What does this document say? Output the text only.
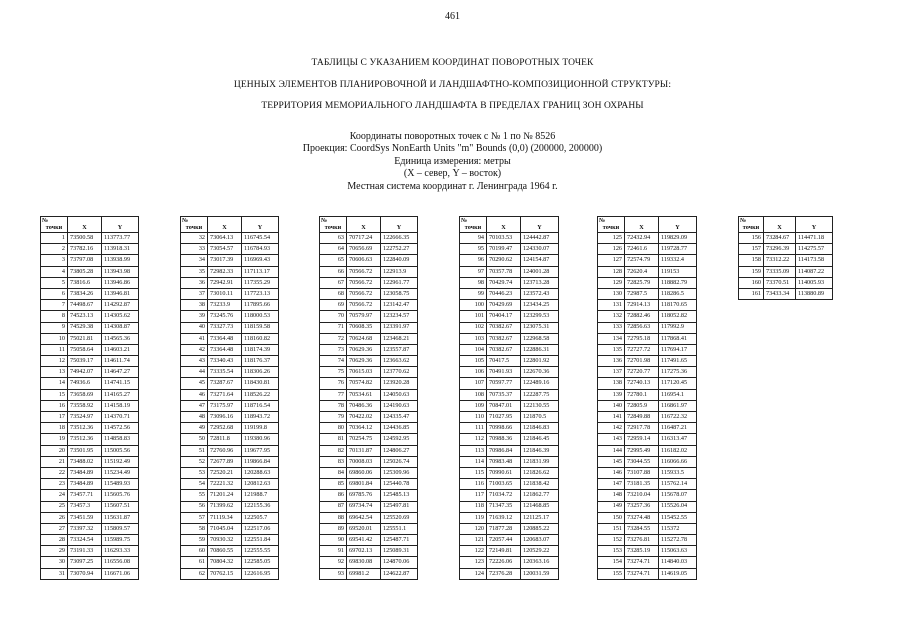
461
ТАБЛИЦЫ С УКАЗАНИЕМ КООРДИНАТ ПОВОРОТНЫХ ТОЧЕК
ЦЕННЫХ ЭЛЕМЕНТОВ ПЛАНИРОВОЧНОЙ И ЛАНДШАФТНО-КОМПОЗИЦИОННОЙ СТРУКТУРЫ:
ТЕРРИТОРИЯ МЕМОРИАЛЬНОГО ЛАНДШАФТА В ПРЕДЕЛАХ ГРАНИЦ ЗОН ОХРАНЫ
Координаты поворотных точек с № 1 по № 8526
Проекция: CoordSys NonEarth Units "m" Bounds (0,0) (200000, 200000)
Единица измерения: метры
(X – север, Y – восток)
Местная система координат г. Ленинграда 1964 г.
№		
точки	X	Y
1	73500.58	113773.77
2	73782.16	113918.31
3	73797.08	113938.99
4	73805.28	113943.98
5	73816.6	113946.86
6	73834.26	113946.81
7	74498.67	114292.87
8	74523.13	114305.62
9	74529.38	114308.87
10	75021.81	114565.36
11	75058.64	114603.21
12	75039.17	114611.74
13	74942.07	114647.27
14	74936.6	114741.15
15	73658.69	114165.27
16	73558.92	114158.19
17	73524.97	114370.71
18	73512.36	114572.56
19	73512.36	114858.83
20	73501.95	115005.56
21	73488.02	115192.49
22	73484.89	115234.49
23	73484.89	115489.93
24	73457.71	115605.76
25	73457.3	115607.51
26	73451.59	115631.87
27	73397.32	115809.57
28	73324.54	115989.75
29	73191.33	116293.33
30	73097.25	116556.08
31	73070.94	116671.06
№		
точки	X	Y
32	73064.13	116745.54
33	73054.57	116784.93
34	73017.39	116969.43
35	72982.33	117113.17
36	72942.91	117355.29
37	73010.11	117723.13
38	73233.9	117895.66
39	73245.76	118000.53
40	73327.73	118159.58
41	73364.48	118160.82
42	73364.48	118174.39
43	73340.43	118176.37
44	73335.54	118306.26
45	73287.67	118430.81
46	73271.64	118526.22
47	73175.97	118716.54
48	73096.16	118943.72
49	72952.68	119199.8
50	72811.8	119380.96
51	72760.96	119677.95
52	72677.89	119866.84
53	72520.21	120288.63
54	72221.32	120812.63
55	71201.24	121988.7
56	71399.62	122155.36
57	71119.34	122505.7
58	71045.04	122517.06
59	70930.32	122551.84
60	70860.55	122555.55
61	70804.32	122585.05
62	70762.15	122616.95
№		
точки	X	Y
63	70717.24	122666.35
64	70656.69	122752.27
65	70606.63	122840.09
66	70566.72	122913.9
67	70566.72	122961.77
68	70566.72	123058.75
69	70566.72	123142.47
70	70579.97	123234.57
71	70608.35	123391.97
72	70624.68	123468.21
73	70629.36	123557.87
74	70629.36	123663.62
75	70615.03	123770.62
76	70574.82	123920.28
77	70534.61	124050.63
78	70486.36	124190.63
79	70422.02	124335.47
80	70364.12	124436.85
81	70254.75	124592.95
82	70131.87	124806.27
83	70008.03	125026.74
84	69860.06	125309.96
85	69801.84	125440.78
86	69785.76	125485.13
87	69734.74	125497.81
88	69642.54	125520.69
89	69520.01	125551.1
90	69541.42	125487.71
91	69702.13	125089.31
92	69830.08	124870.06
93	69981.2	124622.87
№		
точки	X	Y
94	70103.53	124442.87
95	70199.47	124330.07
96	70290.62	124154.87
97	70357.78	124001.28
98	70429.74	123713.28
99	70446.23	123572.43
100	70429.69	123434.25
101	70404.17	123299.53
102	70382.67	123075.31
103	70382.67	122968.58
104	70382.67	122886.31
105	70417.5	122801.92
106	70491.93	122670.36
107	70597.77	122489.16
108	70735.37	122287.75
109	70847.01	122130.55
110	71027.95	121870.5
111	70998.66	121846.83
112	70988.36	121846.45
113	70986.84	121846.39
114	70983.48	121831.99
115	70990.61	121826.62
116	71003.65	121838.42
117	71034.72	121862.77
118	71347.35	121468.85
119	71639.12	121125.17
120	71877.28	120885.22
121	72057.44	120683.07
122	72149.81	120529.22
123	72226.06	120363.16
124	72376.28	120031.59
№		
точки	X	Y
125	72432.94	119829.09
126	72461.6	119728.77
127	72574.79	119332.4
128	72620.4	119153
129	72825.79	118882.79
130	72987.5	118286.5
131	72914.13	118170.65
132	72882.46	118052.82
133	72856.63	117992.9
134	72795.18	117868.41
135	72727.72	117694.17
136	72701.98	117491.65
137	72720.77	117275.36
138	72740.13	117120.45
139	72780.1	116954.1
140	72805.9	116861.97
141	72849.88	116722.32
142	72917.78	116487.21
143	72959.14	116313.47
144	72995.49	116182.02
145	73044.55	116066.66
146	73107.88	115933.5
147	73181.35	115762.14
148	73210.04	115678.07
149	73257.36	115526.04
150	73274.48	115452.55
151	73284.55	115372
152	73276.81	115272.78
153	73285.19	115063.63
154	73274.71	114840.03
155	73274.71	114619.05
№		
точки	X	Y
156	73284.67	114471.18
157	73296.39	114275.57
158	73312.22	114173.58
159	73335.09	114087.22
160	73370.51	114005.93
161	73433.34	113880.89
